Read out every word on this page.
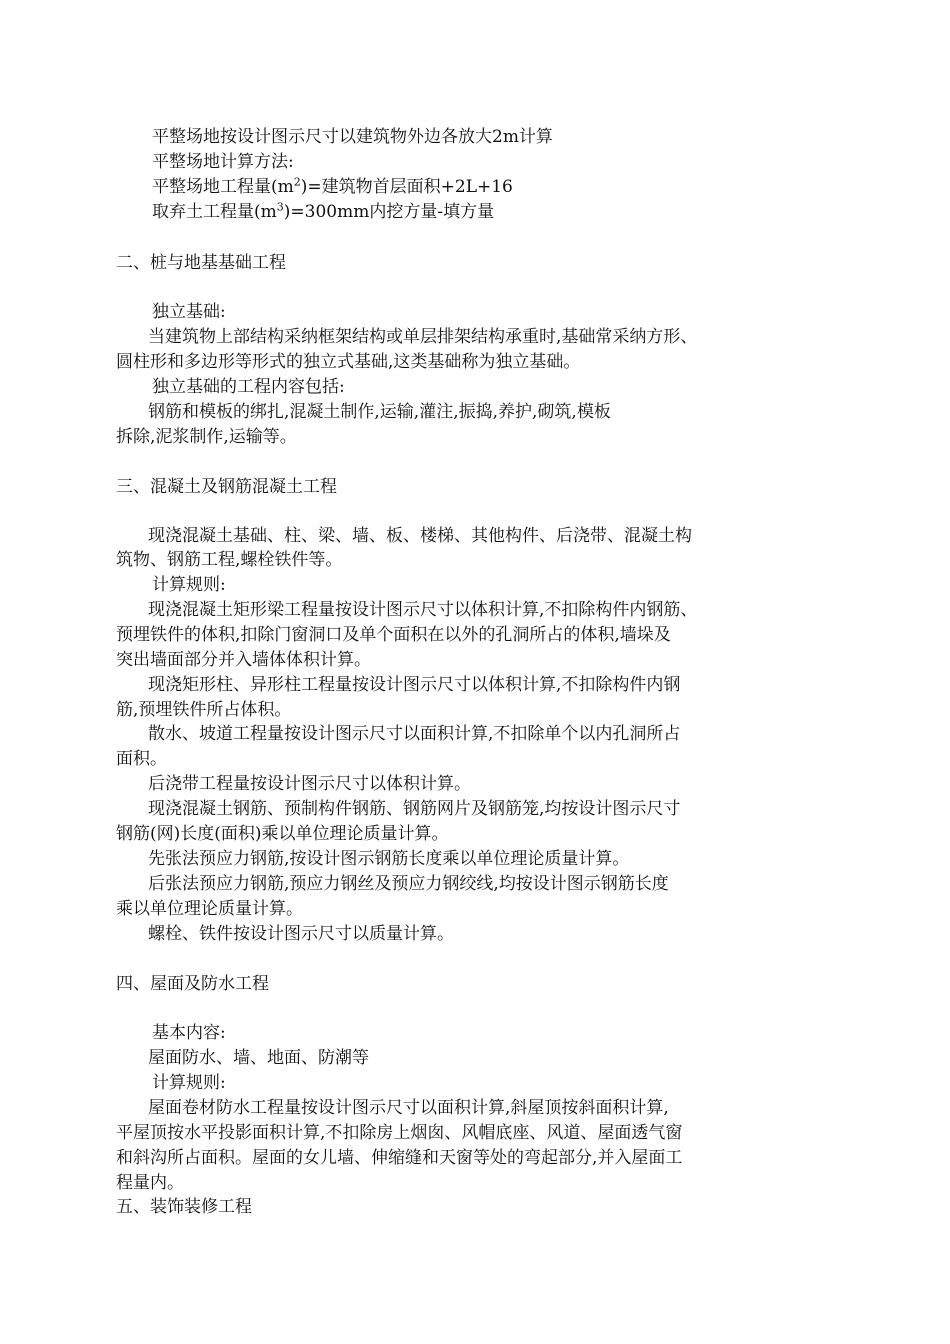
平整场地按设计图示尺寸以建筑物外边各放大2m计算
平整场地计算方法:
平整场地工程量$(m^2)=$建筑物首层面积+2L+16
取弃土工程量$(m^3)=300mm$内挖方量-填方量
二、桩与地基基础工程
独立基础:
当建筑物上部结构采纳框架结构或单层排架结构承重时,基础常采纳方形、
圆柱形和多边形等形式的独立式基础,这类基础称为独立基础。
独立基础的工程内容包括:
钢筋和模板的绑扎,混凝土制作,运输,灌注,振捣,养护,砌筑,模板
拆除,泥浆制作,运输等。
三、混凝土及钢筋混凝土工程
现浇混凝土基础、柱、梁、墙、板、楼梯、其他构件、后浇带、混凝土构
筑物、钢筋工程,螺栓铁件等。
计算规则:
现浇混凝土矩形梁工程量按设计图示尺寸以体积计算,不扣除构件内钢筋、
预埋铁件的体积,扣除门窗洞口及单个面积在以外的孔洞所占的体积,墙垛及
突出墙面部分并入墙体体积计算。
现浇矩形柱、异形柱工程量按设计图示尺寸以体积计算,不扣除构件内钢
筋,预埋铁件所占体积。
散水、坡道工程量按设计图示尺寸以面积计算,不扣除单个以内孔洞所占
面积。
后浇带工程量按设计图示尺寸以体积计算。
现浇混凝土钢筋、预制构件钢筋、钢筋网片及钢筋笼,均按设计图示尺寸
钢筋(网)长度(面积)乘以单位理论质量计算。
先张法预应力钢筋,按设计图示钢筋长度乘以单位理论质量计算。
后张法预应力钢筋,预应力钢丝及预应力钢绞线,均按设计图示钢筋长度
乘以单位理论质量计算。
螺栓、铁件按设计图示尺寸以质量计算。
四、屋面及防水工程
基本内容:
屋面防水、墙、地面、防潮等
计算规则:
屋面卷材防水工程量按设计图示尺寸以面积计算,斜屋顶按斜面积计算,
平屋顶按水平投影面积计算,不扣除房上烟囱、风帽底座、风道、屋面透气窗
和斜沟所占面积。屋面的女儿墙、伸缩缝和天窗等处的弯起部分,并入屋面工
程量内。
五、装饰装修工程
